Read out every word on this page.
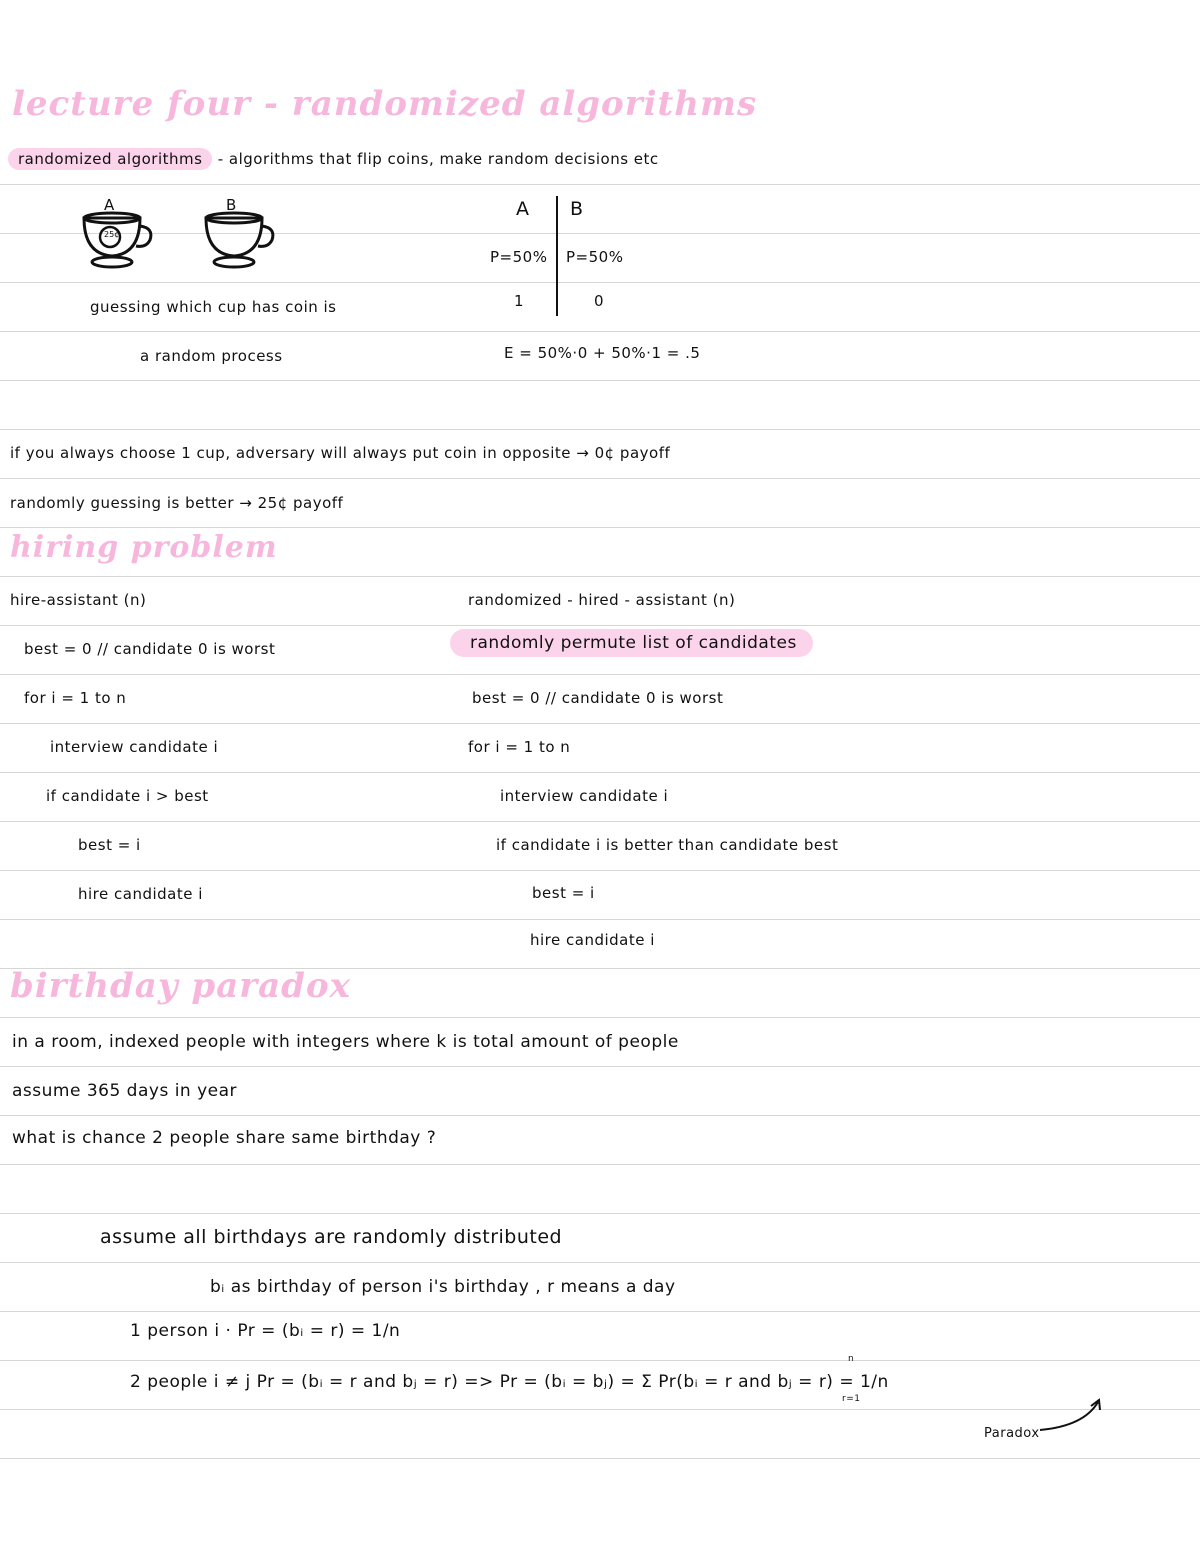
lecture four - randomized algorithms
randomized algorithms - algorithms that flip coins, make random decisions etc
A	B
25¢
guessing which cup has coin is
a random process
A B
P=50% P=50%
1	0
E = 50%·0 + 50%·1 = .5
if you always choose 1 cup, adversary will always put coin in opposite → 0¢ payoff
randomly guessing is better → 25¢ payoff
hiring problem
hire-assistant (n)
best = 0 // candidate 0 is worst
for i = 1 to n
interview candidate i
if candidate i > best
best = i
hire candidate i
randomized - hired - assistant (n)
randomly permute list of candidates
best = 0 // candidate 0 is worst
for i = 1 to n
interview candidate i
if candidate i is better than candidate best
best = i
hire candidate i
birthday paradox
in a room, indexed people with integers where k is total amount of people
assume 365 days in year
what is chance 2 people share same birthday ?
assume all birthdays are randomly distributed
bᵢ as birthday of person i's birthday , r means a day
1 person i · Pr = (bᵢ = r) = 1/n
2 people i ≠ j Pr = (bᵢ = r and bⱼ = r) => Pr = (bᵢ = bⱼ) = Σ Pr(bᵢ = r and bⱼ = r) = 1/n
n
r=1
Paradox
